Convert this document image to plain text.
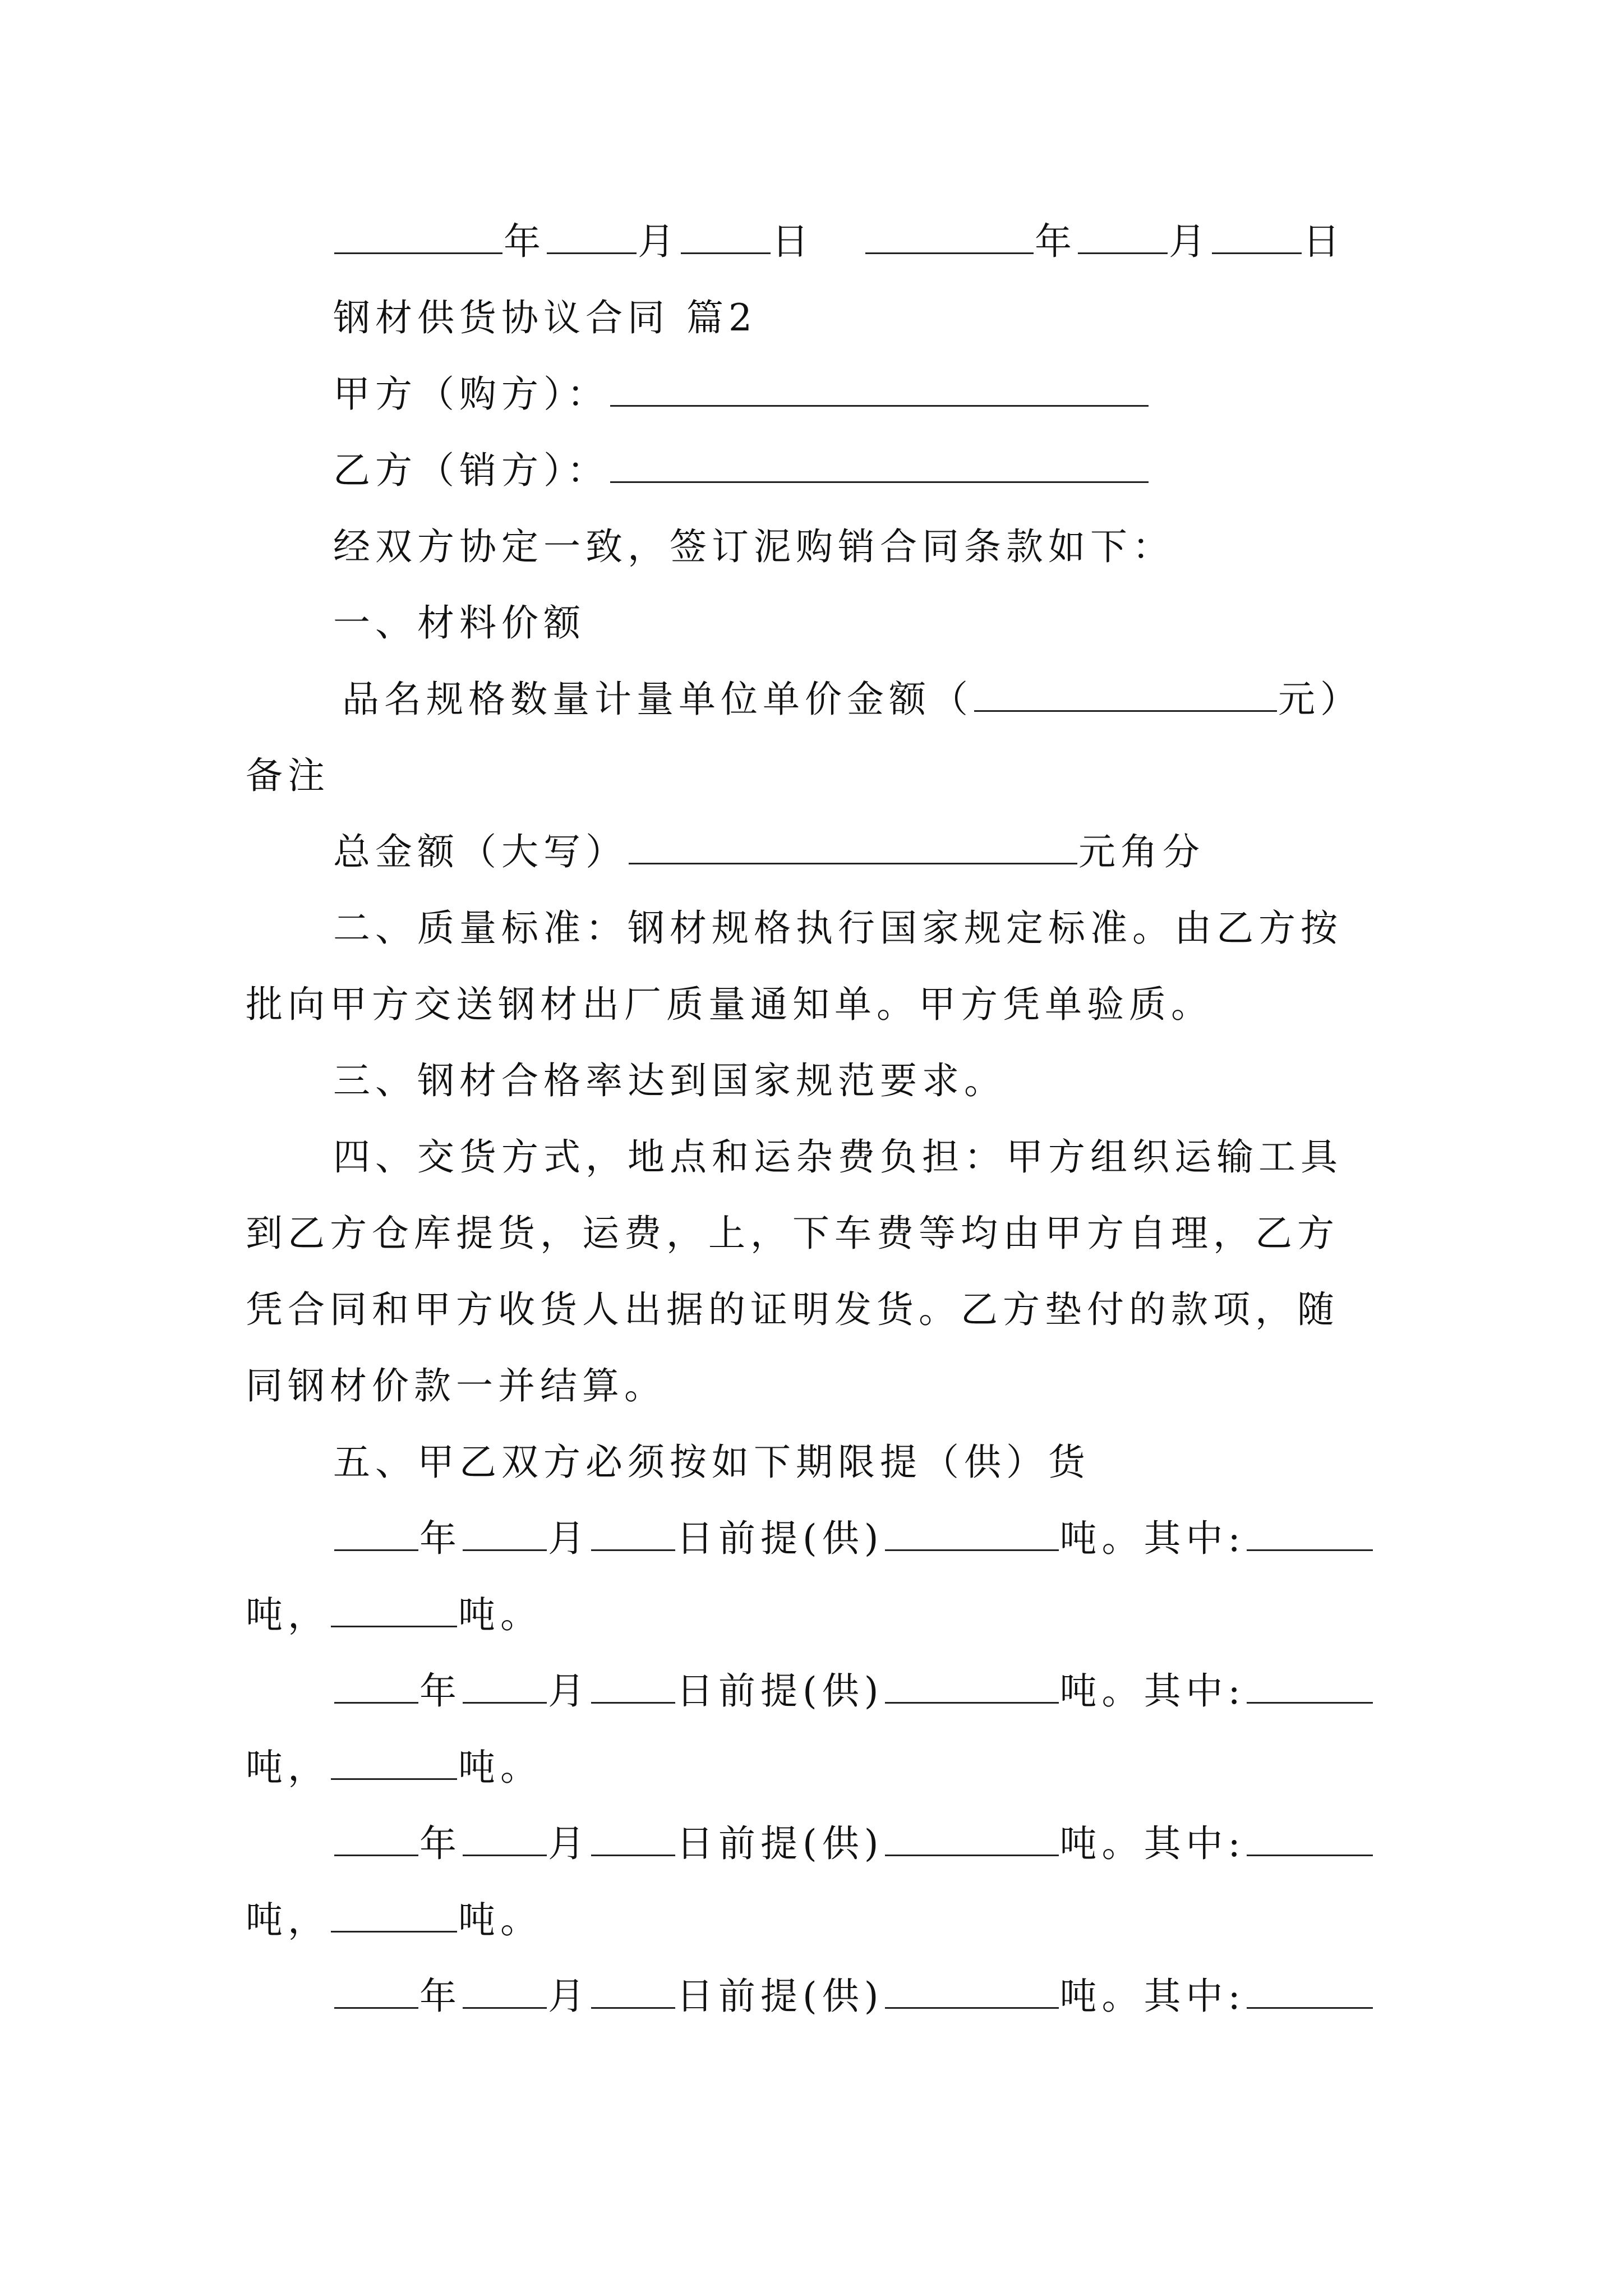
年 月 日	年 月 日
钢材供货协议合同 篇2
甲方（购方）：
乙方（销方）：
经双方协定一致，签订泥购销合同条款如下：
一、材料价额
品名规格数量计量单位单价金额（	元）
备注
总金额（大写）	元角分
二、质量标准：钢材规格执行国家规定标准。由乙方按
批向甲方交送钢材出厂质量通知单。甲方凭单验质。
三、钢材合格率达到国家规范要求。
四、交货方式，地点和运杂费负担：甲方组织运输工具
到乙方仓库提货，运费，上，下车费等均由甲方自理，乙方
凭合同和甲方收货人出据的证明发货。乙方垫付的款项，随
同钢材价款一并结算。
五、甲乙双方必须按如下期限提（供）货
年 月 日前提(供)	吨。其中:
吨，	吨。
年 月 日前提(供)	吨。其中:
吨，	吨。
年 月 日前提(供)	吨。其中:
吨，	吨。
年 月 日前提(供)	吨。其中:
